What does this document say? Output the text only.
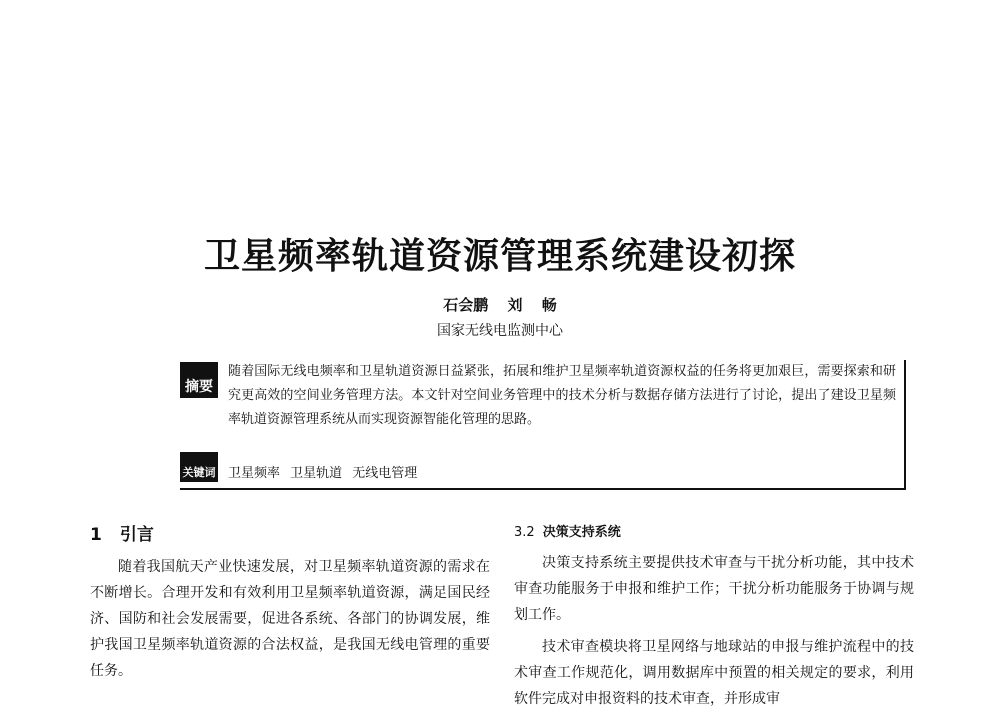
卫星频率轨道资源管理系统建设初探
石会鹏 刘 畅
国家无线电监测中心
摘要

随着国际无线电频率和卫星轨道资源日益紧张，拓展和维护卫星频率轨道资源权益的任务将更加艰巨，需要探索和研究更高效的空间业务管理方法。本文针对空间业务管理中的技术分析与数据存储方法进行了讨论，提出了建设卫星频率轨道资源管理系统从而实现资源智能化管理的思路。

关键词 卫星频率 卫星轨道 无线电管理
1 引言

随着我国航天产业快速发展，对卫星频率轨道资源的需求在不断增长。合理开发和有效利用卫星频率轨道资源，满足国民经济、国防和社会发展需要，促进各系统、各部门的协调发展，维护我国卫星频率轨道资源的合法权益，是我国无线电管理的重要任务。

3.2 决策支持系统

决策支持系统主要提供技术审查与干扰分析功能，其中技术审查功能服务于申报和维护工作；干扰分析功能服务于协调与规划工作。

技术审查模块将卫星网络与地球站的申报与维护流程中的技术审查工作规范化，调用数据库中预置的相关规定的要求，利用软件完成对申报资料的技术审查，并形成审
